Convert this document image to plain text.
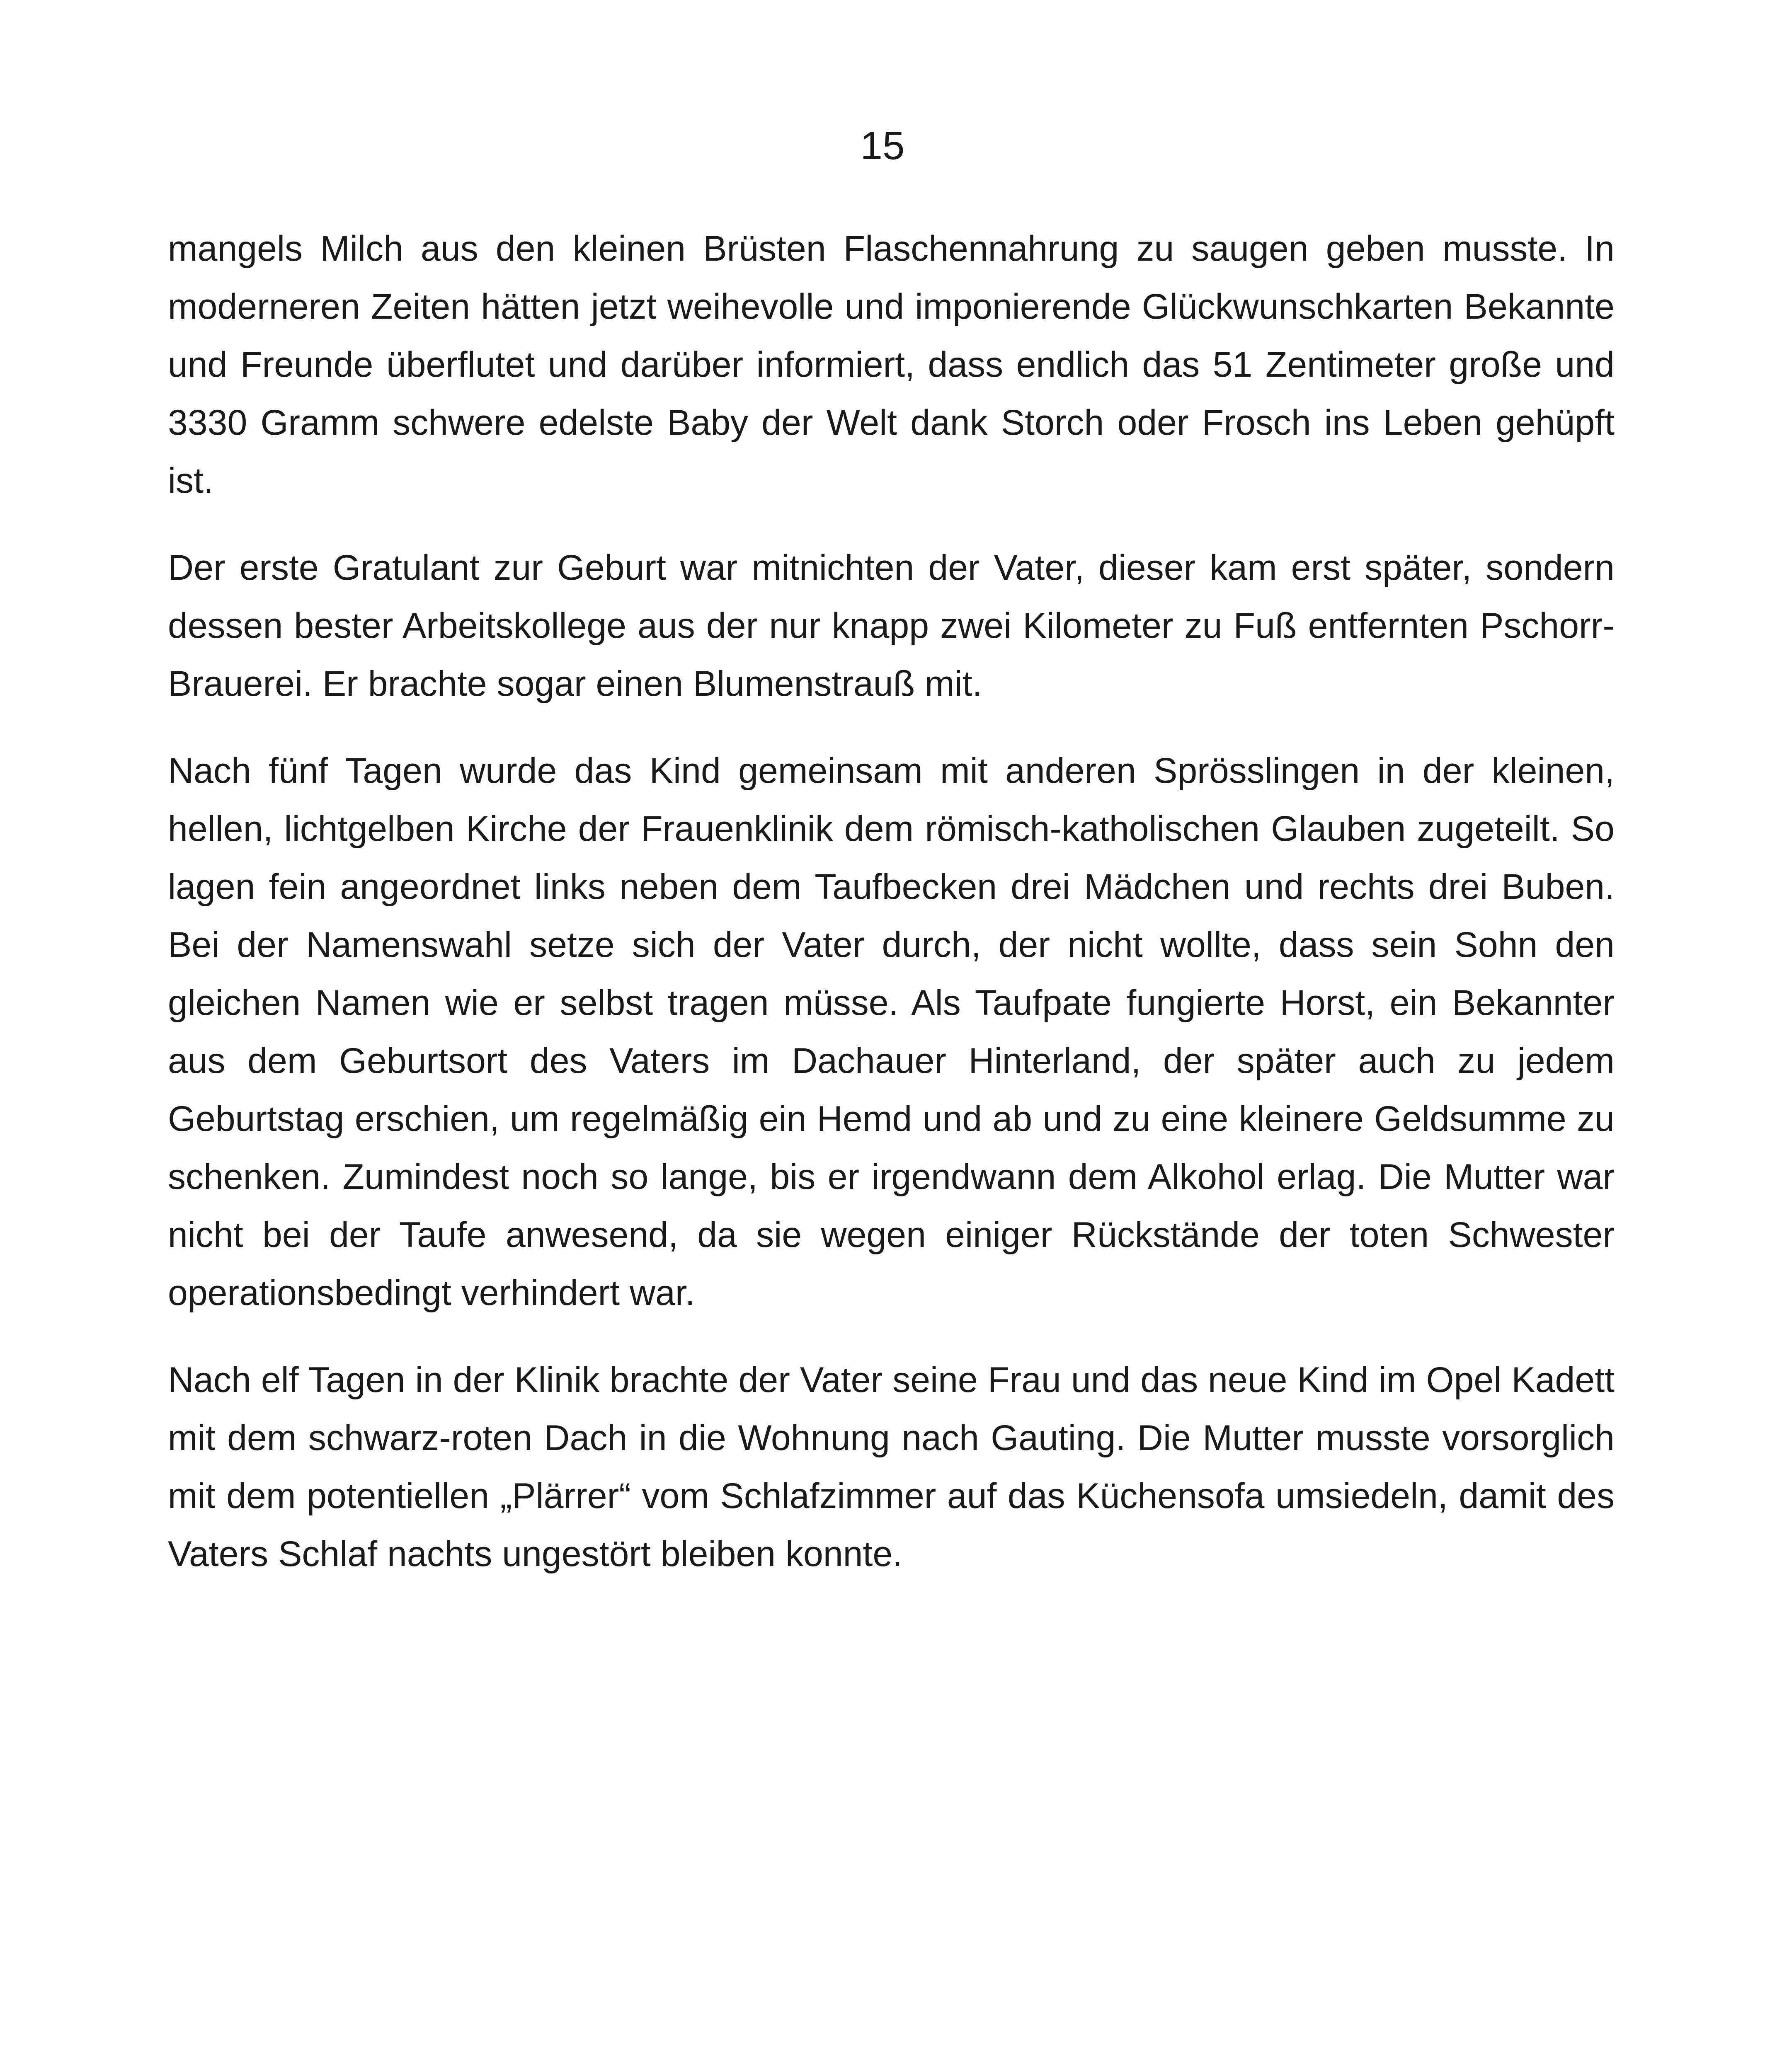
15

mangels Milch aus den kleinen Brüsten Flaschennahrung zu saugen geben musste. In moderneren Zeiten hätten jetzt weihevolle und imponierende Glückwunschkarten Bekannte und Freunde überflutet und darüber informiert, dass endlich das 51 Zentimeter große und 3330 Gramm schwere edelste Baby der Welt dank Storch oder Frosch ins Leben gehüpft ist.

Der erste Gratulant zur Geburt war mitnichten der Vater, dieser kam erst später, sondern dessen bester Arbeitskollege aus der nur knapp zwei Kilometer zu Fuß entfernten Pschorr-Brauerei. Er brachte sogar einen Blumenstrauß mit.

Nach fünf Tagen wurde das Kind gemeinsam mit anderen Sprösslingen in der kleinen, hellen, lichtgelben Kirche der Frauenklinik dem römisch-katholischen Glauben zugeteilt. So lagen fein angeordnet links neben dem Taufbecken drei Mädchen und rechts drei Buben. Bei der Namenswahl setze sich der Vater durch, der nicht wollte, dass sein Sohn den gleichen Namen wie er selbst tragen müsse. Als Taufpate fungierte Horst, ein Bekannter aus dem Geburtsort des Vaters im Dachauer Hinterland, der später auch zu jedem Geburtstag erschien, um regelmäßig ein Hemd und ab und zu eine kleinere Geldsumme zu schenken. Zumindest noch so lange, bis er irgendwann dem Alkohol erlag. Die Mutter war nicht bei der Taufe anwesend, da sie wegen einiger Rückstände der toten Schwester operationsbedingt verhindert war.

Nach elf Tagen in der Klinik brachte der Vater seine Frau und das neue Kind im Opel Kadett mit dem schwarz-roten Dach in die Wohnung nach Gauting. Die Mutter musste vorsorglich mit dem potentiellen „Plärrer“ vom Schlafzimmer auf das Küchensofa umsiedeln, damit des Vaters Schlaf nachts ungestört bleiben konnte.
